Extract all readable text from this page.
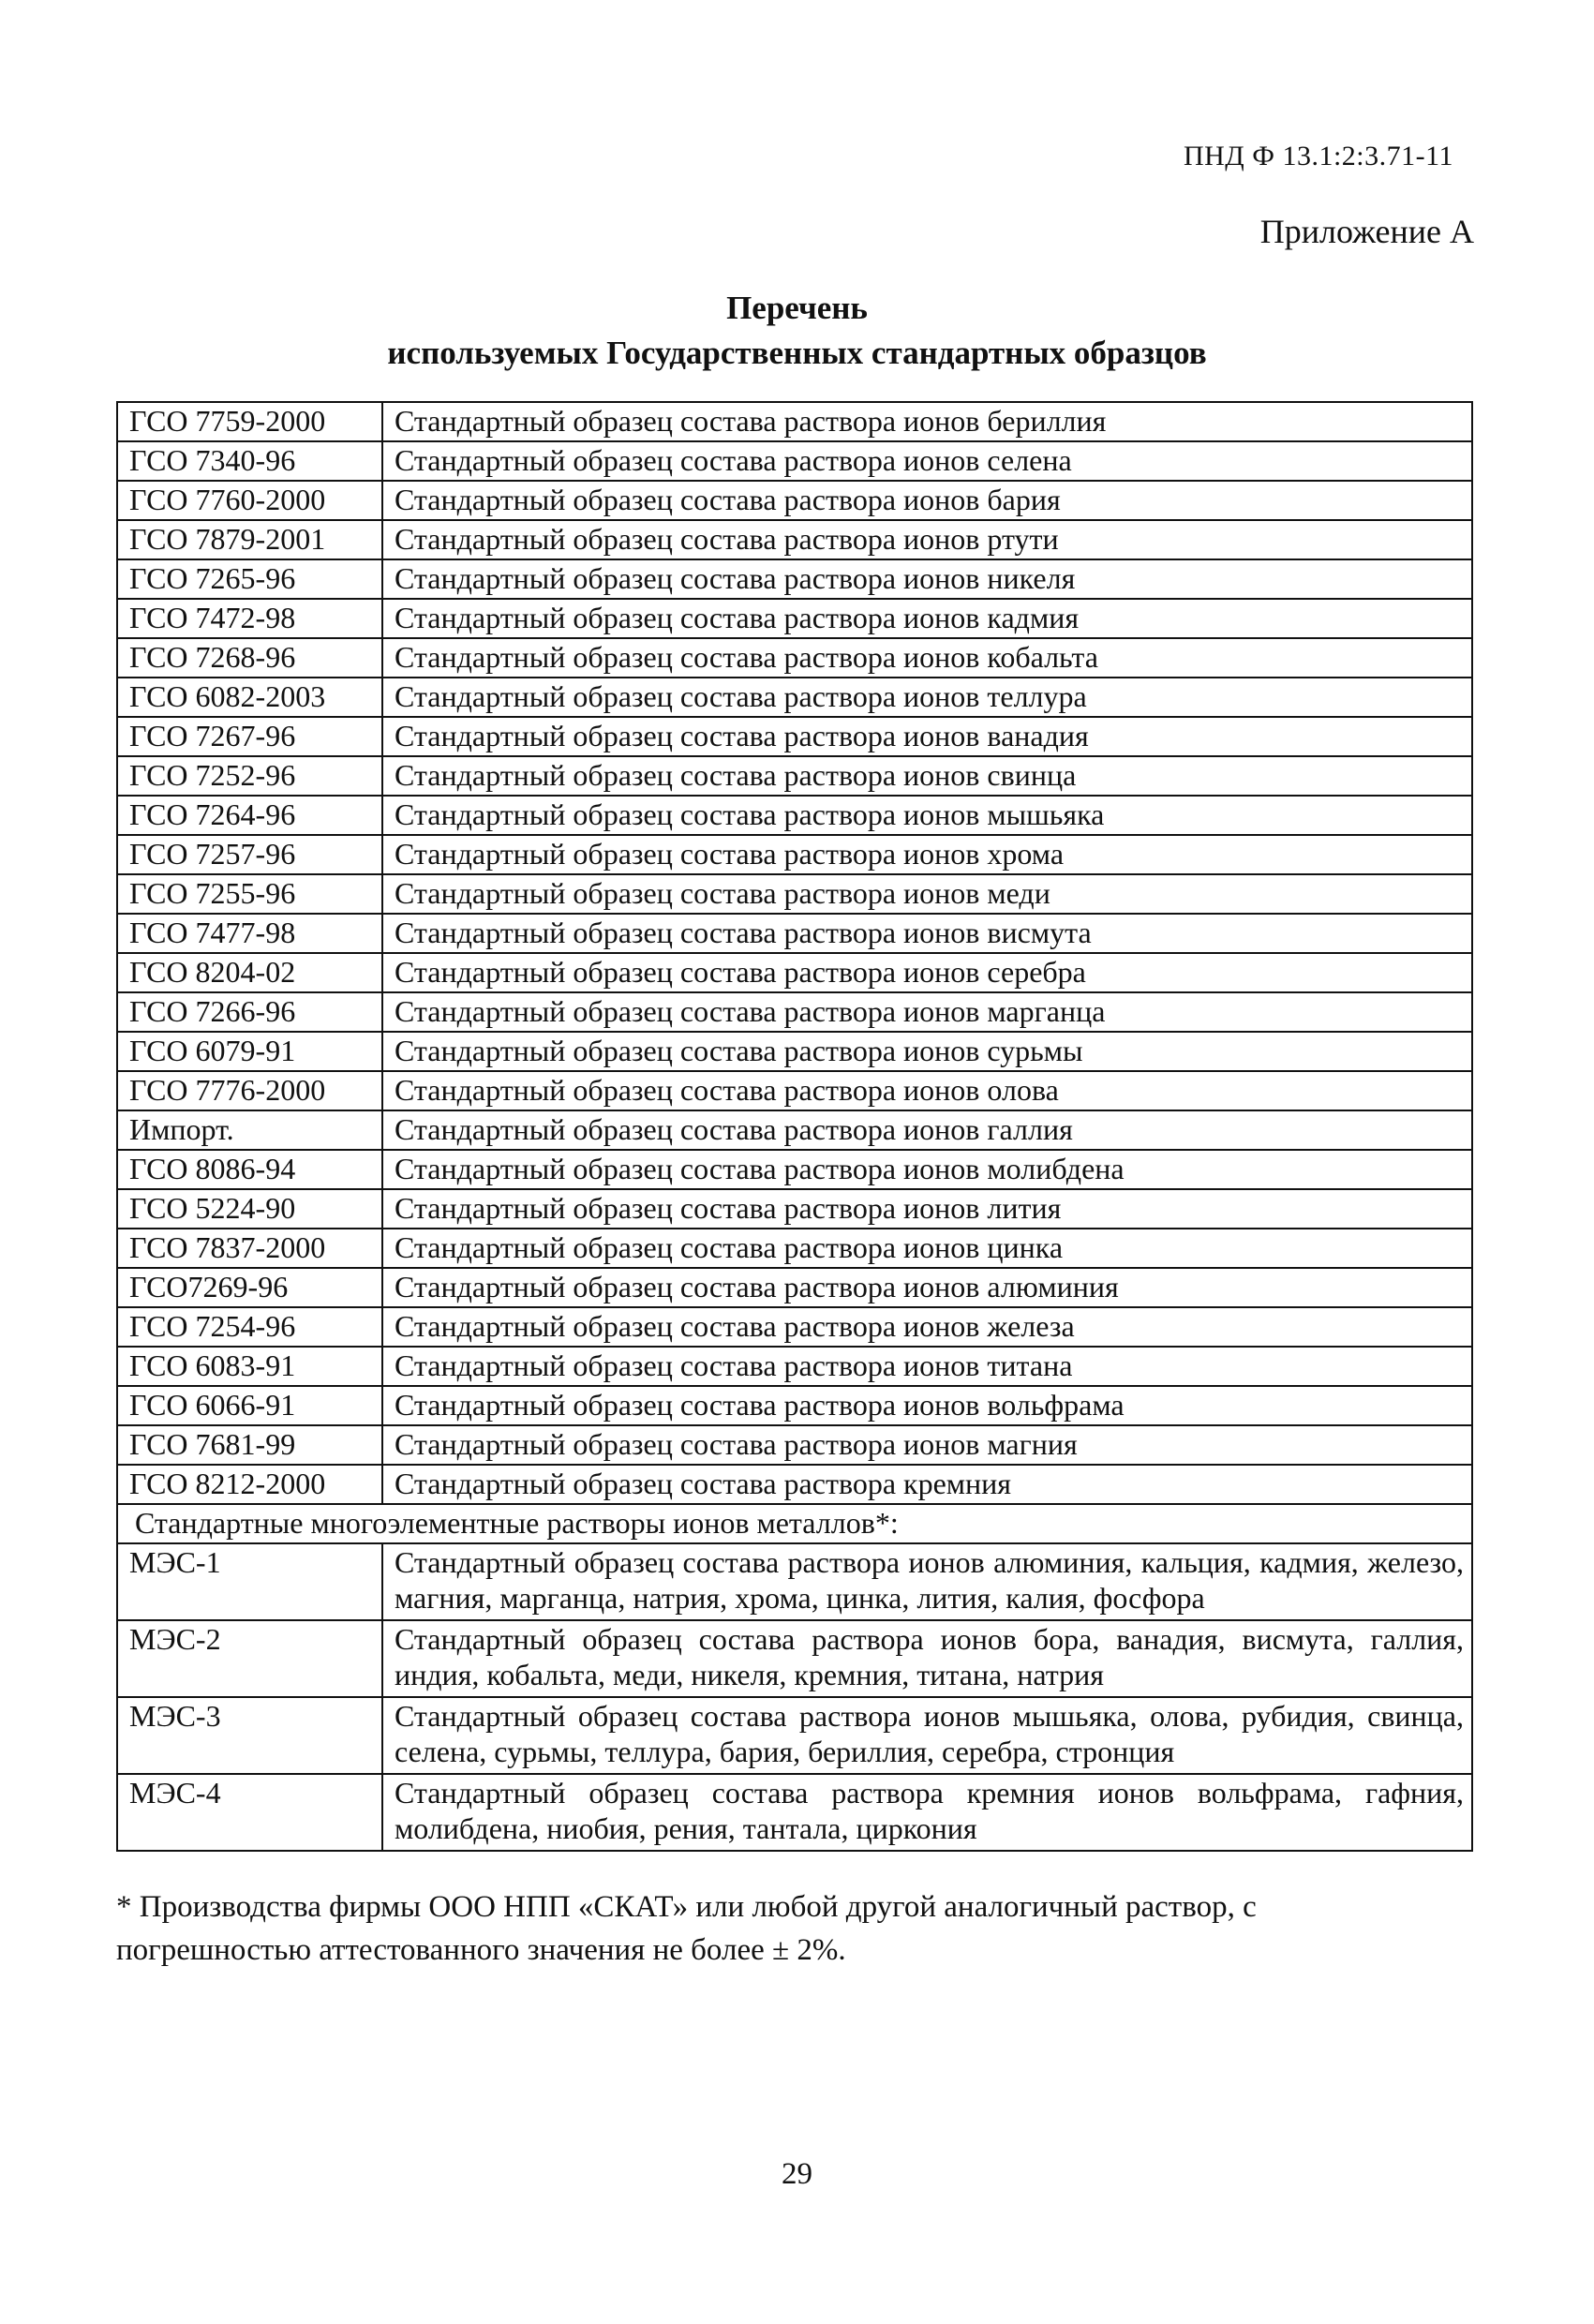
ПНД Ф 13.1:2:3.71-11
Приложение А
Перечень
используемых Государственных стандартных образцов
ГСО 7759-2000	Стандартный образец состава раствора ионов бериллия
ГСО 7340-96	Стандартный образец состава раствора ионов селена
ГСО 7760-2000	Стандартный образец состава раствора ионов бария
ГСО 7879-2001	Стандартный образец состава раствора ионов ртути
ГСО 7265-96	Стандартный образец состава раствора ионов никеля
ГСО 7472-98	Стандартный образец состава раствора ионов кадмия
ГСО 7268-96	Стандартный образец состава раствора ионов кобальта
ГСО 6082-2003	Стандартный образец состава раствора ионов теллура
ГСО 7267-96	Стандартный образец состава раствора ионов ванадия
ГСО 7252-96	Стандартный образец состава раствора ионов свинца
ГСО 7264-96	Стандартный образец состава раствора ионов мышьяка
ГСО 7257-96	Стандартный образец состава раствора ионов хрома
ГСО 7255-96	Стандартный образец состава раствора ионов меди
ГСО 7477-98	Стандартный образец состава раствора ионов висмута
ГСО 8204-02	Стандартный образец состава раствора ионов серебра
ГСО 7266-96	Стандартный образец состава раствора ионов марганца
ГСО 6079-91	Стандартный образец состава раствора ионов сурьмы
ГСО 7776-2000	Стандартный образец состава раствора ионов олова
Импорт.	Стандартный образец состава раствора ионов галлия
ГСО 8086-94	Стандартный образец состава раствора ионов молибдена
ГСО 5224-90	Стандартный образец состава раствора ионов лития
ГСО 7837-2000	Стандартный образец состава раствора ионов цинка
ГСО7269-96	Стандартный образец состава раствора ионов алюминия
ГСО 7254-96	Стандартный образец состава раствора ионов железа
ГСО 6083-91	Стандартный образец состава раствора ионов титана
ГСО 6066-91	Стандартный образец состава раствора ионов вольфрама
ГСО 7681-99	Стандартный образец состава раствора ионов магния
ГСО 8212-2000	Стандартный образец состава раствора кремния
Стандартные многоэлементные растворы ионов металлов*:	
МЭС-1	Стандартный образец состава раствора ионов алюминия, кальция, кадмия, железо, магния, марганца, натрия, хрома, цинка, лития, калия, фосфора
МЭС-2	Стандартный образец состава раствора ионов бора, ванадия, висмута, галлия, индия, кобальта, меди, никеля, кремния, титана, натрия
МЭС-3	Стандартный образец состава раствора ионов мышьяка, олова, рубидия, свинца, селена, сурьмы, теллура, бария, бериллия, серебра, стронция
МЭС-4	Стандартный образец состава раствора кремния ионов вольфрама, гафния, молибдена, ниобия, рения, тантала, циркония
* Производства фирмы ООО НПП «СКАТ» или любой другой аналогичный раствор, с погрешностью аттестованного значения не более ± 2%.
29
